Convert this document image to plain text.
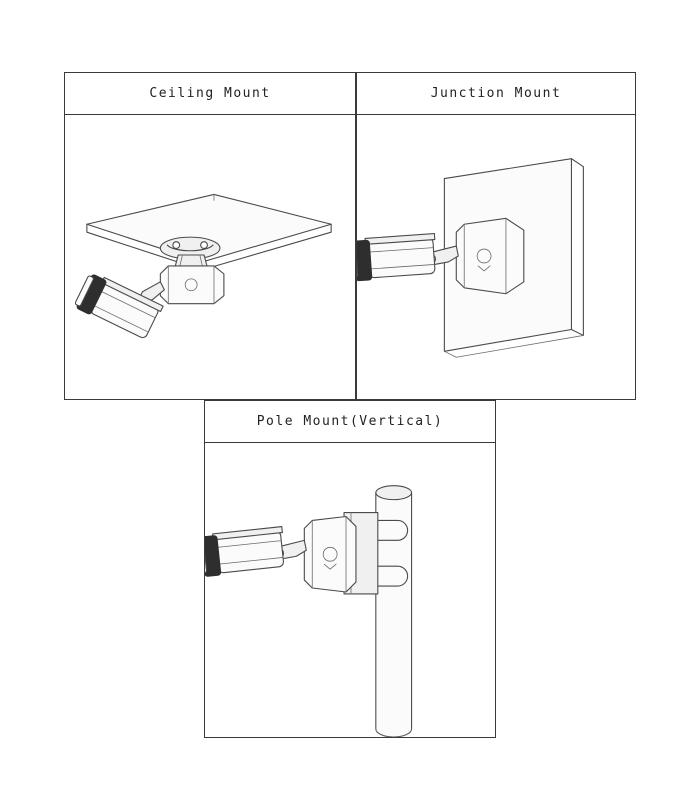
Ceiling Mount	Junction Mount
Pole Mount(Vertical)
